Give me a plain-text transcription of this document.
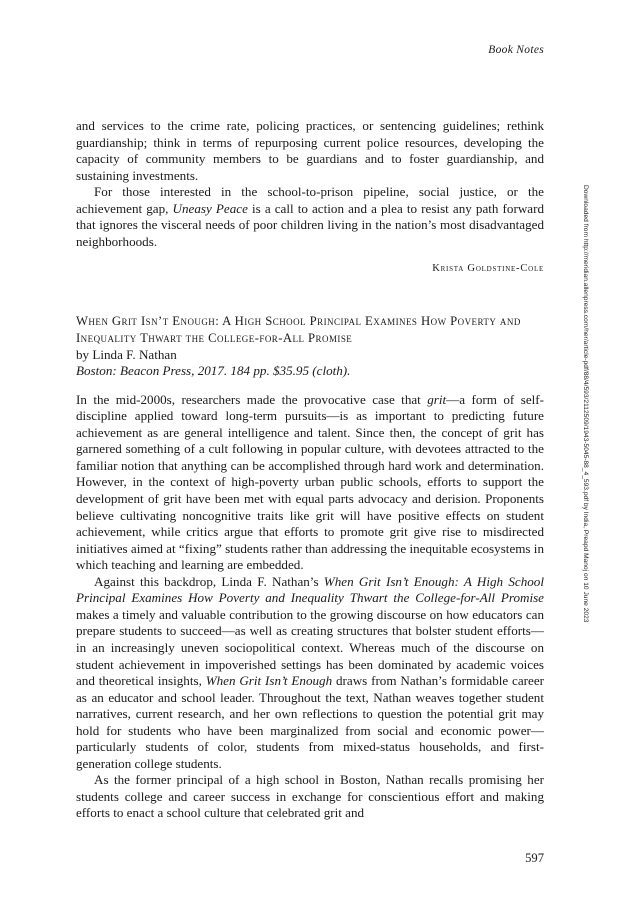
Book Notes

and services to the crime rate, policing practices, or sentencing guidelines; rethink guardianship; think in terms of repurposing current police resources, developing the capacity of community members to be guardians and to foster guardianship, and sustaining investments.

For those interested in the school-to-prison pipeline, social justice, or the achievement gap, Uneasy Peace is a call to action and a plea to resist any path forward that ignores the visceral needs of poor children living in the nation’s most disadvantaged neighborhoods.

Krista Goldstine-Cole

When Grit Isn’t Enough: A High School Principal Examines How Poverty and Inequality Thwart the College-for-All Promise

by Linda F. Nathan

Boston: Beacon Press, 2017. 184 pp. $35.95 (cloth).

In the mid-2000s, researchers made the provocative case that grit—a form of self-discipline applied toward long-term pursuits—is as important to predicting future achievement as are general intelligence and talent. Since then, the concept of grit has garnered something of a cult following in popular culture, with devotees attracted to the familiar notion that anything can be accomplished through hard work and determination. However, in the context of high-poverty urban public schools, efforts to support the development of grit have been met with equal parts advocacy and derision. Proponents believe cultivating noncognitive traits like grit will have positive effects on student achievement, while critics argue that efforts to promote grit give rise to misdirected initiatives aimed at “fixing” students rather than addressing the inequitable ecosystems in which teaching and learning are embedded.

Against this backdrop, Linda F. Nathan’s When Grit Isn’t Enough: A High School Principal Examines How Poverty and Inequality Thwart the College-for-All Promise makes a timely and valuable contribution to the growing discourse on how educators can prepare students to succeed—as well as creating structures that bolster student efforts—in an increasingly uneven sociopolitical context. Whereas much of the discourse on student achievement in impoverished settings has been dominated by academic voices and theoretical insights, When Grit Isn’t Enough draws from Nathan’s formidable career as an educator and school leader. Throughout the text, Nathan weaves together student narratives, current research, and her own reflections to question the potential grit may hold for students who have been marginalized from social and economic power—particularly students of color, students from mixed-status households, and first-generation college students.

As the former principal of a high school in Boston, Nathan recalls promising her students college and career success in exchange for conscientious effort and making efforts to enact a school culture that celebrated grit and

597
Downloaded from http://meridian.allenpress.com/her/article-pdf/88/4/593/2112509/1943-5045-88_4_593.pdf by India, Preapd Manoj on 10 June 2023
